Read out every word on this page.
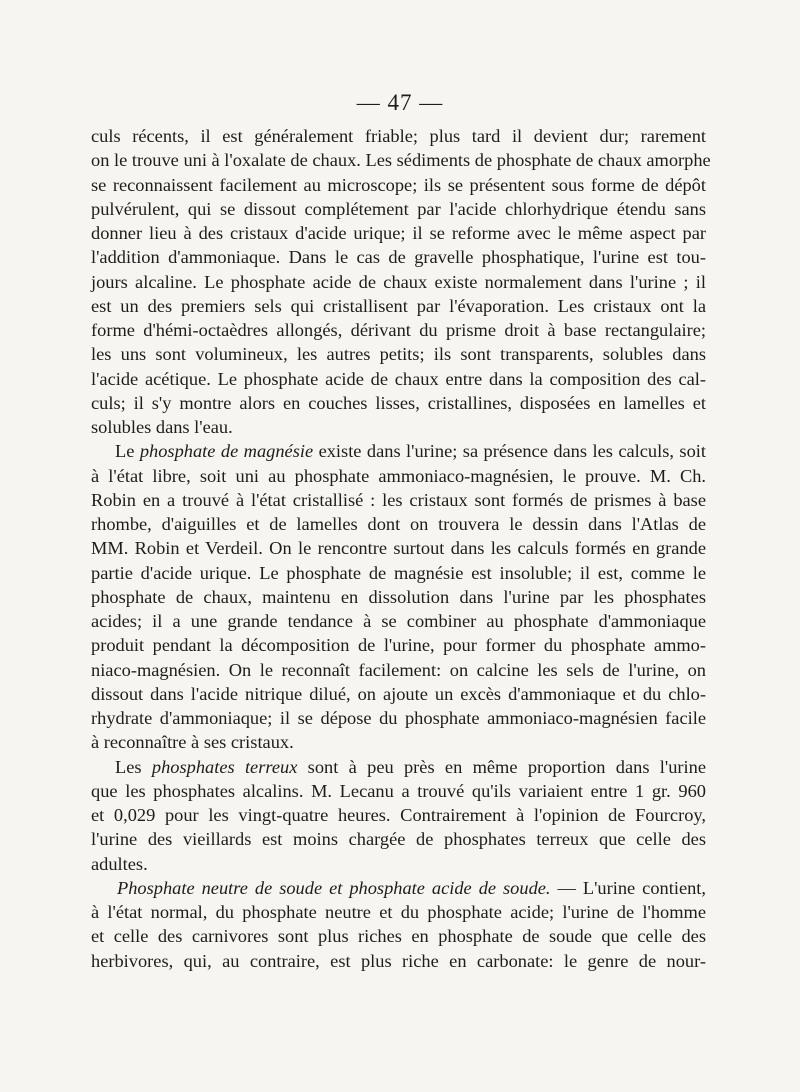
— 47 —
culs récents, il est généralement friable; plus tard il devient dur; rarement
on le trouve uni à l'oxalate de chaux. Les sédiments de phosphate de chaux amorphe
se reconnaissent facilement au microscope; ils se présentent sous forme de dépôt
pulvérulent, qui se dissout complétement par l'acide chlorhydrique étendu sans
donner lieu à des cristaux d'acide urique; il se reforme avec le même aspect par
l'addition d'ammoniaque. Dans le cas de gravelle phosphatique, l'urine est tou-
jours alcaline. Le phosphate acide de chaux existe normalement dans l'urine ; il
est un des premiers sels qui cristallisent par l'évaporation. Les cristaux ont la
forme d'hémi-octaèdres allongés, dérivant du prisme droit à base rectangulaire;
les uns sont volumineux, les autres petits; ils sont transparents, solubles dans
l'acide acétique. Le phosphate acide de chaux entre dans la composition des cal-
culs; il s'y montre alors en couches lisses, cristallines, disposées en lamelles et
solubles dans l'eau.
Le phosphate de magnésie existe dans l'urine; sa présence dans les calculs, soit
à l'état libre, soit uni au phosphate ammoniaco-magnésien, le prouve. M. Ch.
Robin en a trouvé à l'état cristallisé : les cristaux sont formés de prismes à base
rhombe, d'aiguilles et de lamelles dont on trouvera le dessin dans l'Atlas de
MM. Robin et Verdeil. On le rencontre surtout dans les calculs formés en grande
partie d'acide urique. Le phosphate de magnésie est insoluble; il est, comme le
phosphate de chaux, maintenu en dissolution dans l'urine par les phosphates
acides; il a une grande tendance à se combiner au phosphate d'ammoniaque
produit pendant la décomposition de l'urine, pour former du phosphate ammo-
niaco-magnésien. On le reconnaît facilement: on calcine les sels de l'urine, on
dissout dans l'acide nitrique dilué, on ajoute un excès d'ammoniaque et du chlo-
rhydrate d'ammoniaque; il se dépose du phosphate ammoniaco-magnésien facile
à reconnaître à ses cristaux.
Les phosphates terreux sont à peu près en même proportion dans l'urine
que les phosphates alcalins. M. Lecanu a trouvé qu'ils variaient entre 1 gr. 960
et 0,029 pour les vingt-quatre heures. Contrairement à l'opinion de Fourcroy,
l'urine des vieillards est moins chargée de phosphates terreux que celle des
adultes.
Phosphate neutre de soude et phosphate acide de soude. — L'urine contient,
à l'état normal, du phosphate neutre et du phosphate acide; l'urine de l'homme
et celle des carnivores sont plus riches en phosphate de soude que celle des
herbivores, qui, au contraire, est plus riche en carbonate: le genre de nour-
